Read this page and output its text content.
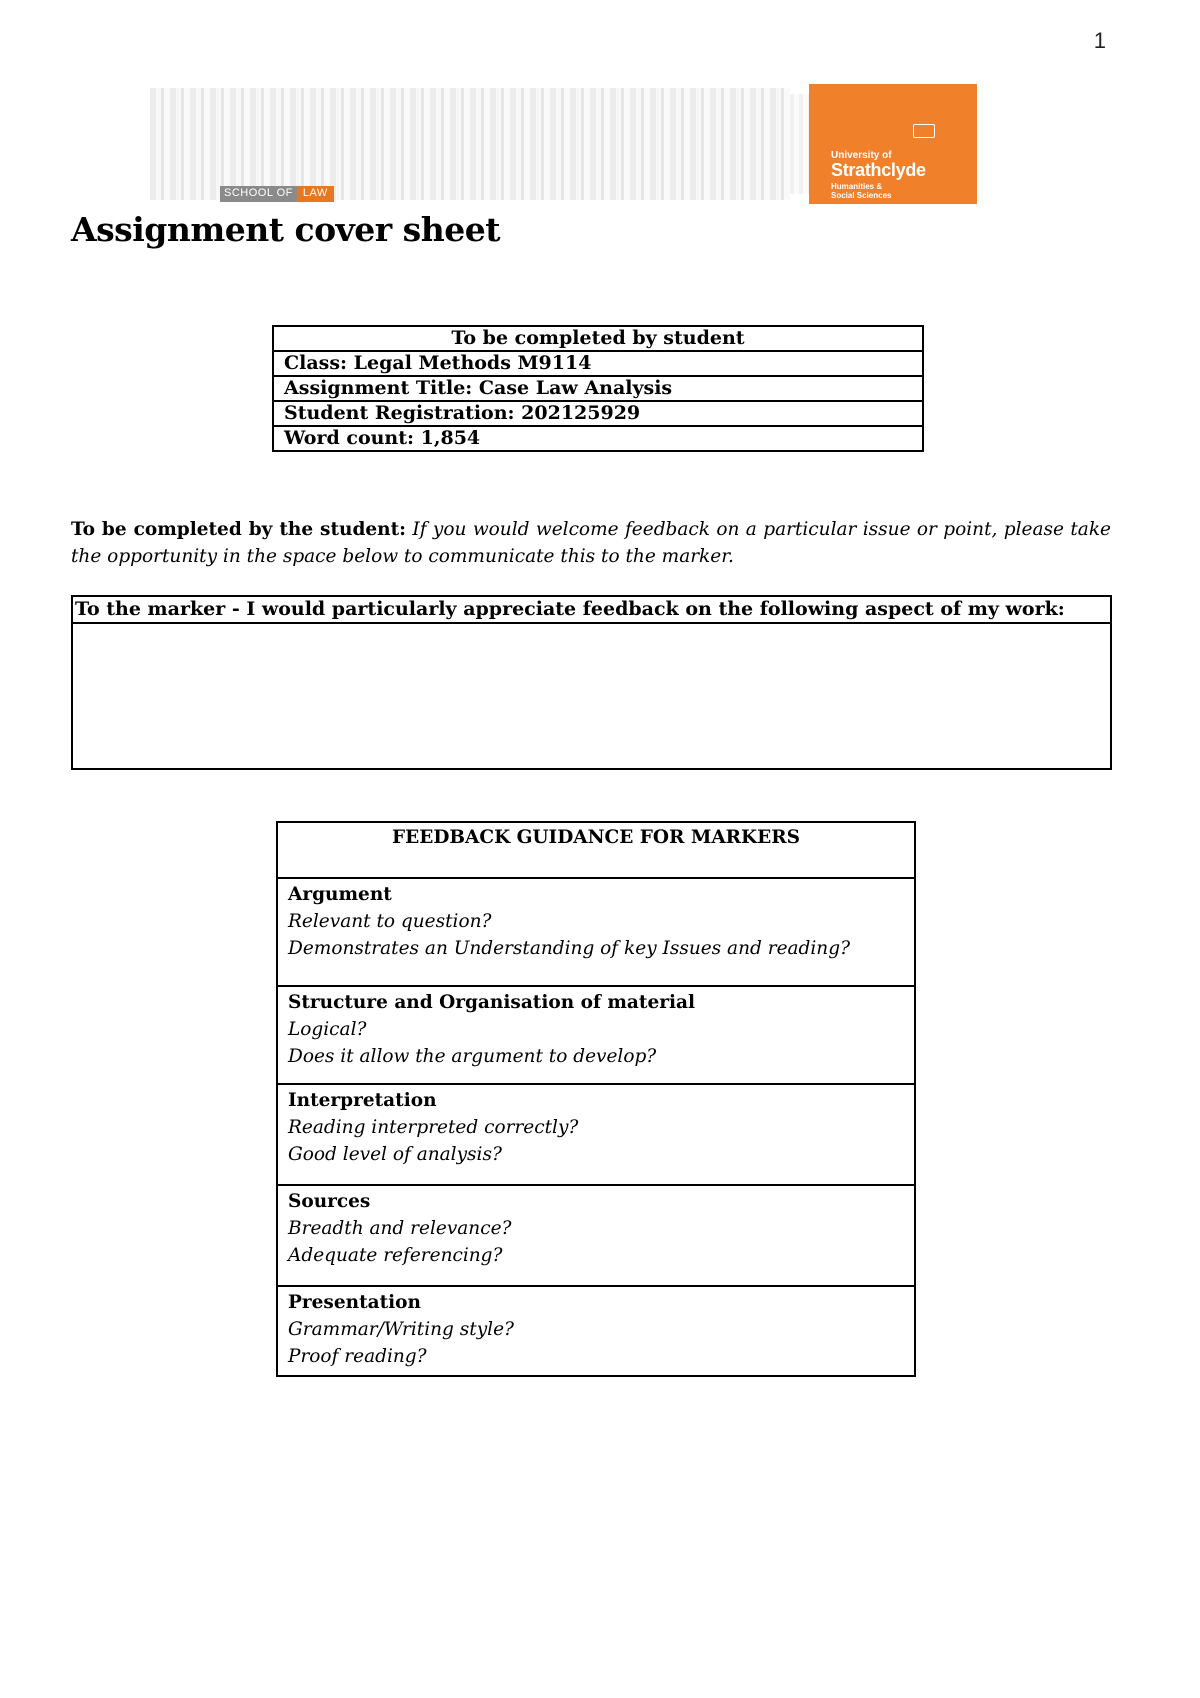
1
SCHOOL OF LAW
University of
Strathclyde
Humanities &
Social Sciences
Assignment cover sheet
To be completed by student
Class: Legal Methods M9114
Assignment Title: Case Law Analysis
Student Registration: 202125929
Word count: 1,854
To be completed by the student: If you would welcome feedback on a particular issue or point, please take the opportunity in the space below to communicate this to the marker.
To the marker - I would particularly appreciate feedback on the following aspect of my work:
FEEDBACK GUIDANCE FOR MARKERS
Argument
Relevant to question?
Demonstrates an Understanding of key Issues and reading?
Structure and Organisation of material
Logical?
Does it allow the argument to develop?
Interpretation
Reading interpreted correctly?
Good level of analysis?
Sources
Breadth and relevance?
Adequate referencing?
Presentation
Grammar/Writing style?
Proof reading?
